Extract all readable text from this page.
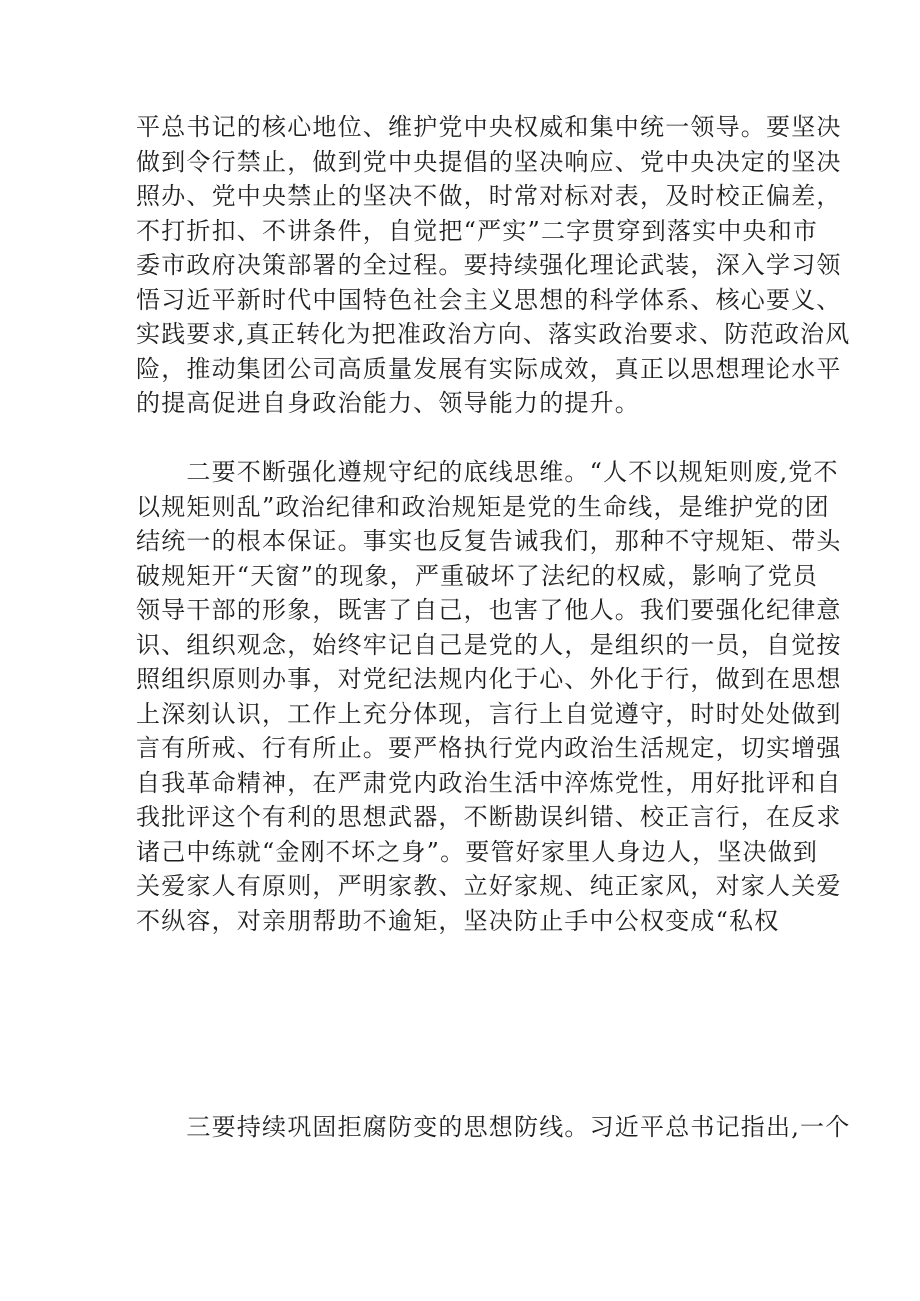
平总书记的核心地位、维护党中央权威和集中统一领导。要坚决
做到令行禁止，做到党中央提倡的坚决响应、党中央决定的坚决
照办、党中央禁止的坚决不做，时常对标对表，及时校正偏差，
不打折扣、不讲条件，自觉把“严实”二字贯穿到落实中央和市
委市政府决策部署的全过程。要持续强化理论武装，深入学习领
悟习近平新时代中国特色社会主义思想的科学体系、核心要义、
实践要求,真正转化为把准政治方向、落实政治要求、防范政治风
险，推动集团公司高质量发展有实际成效，真正以思想理论水平
的提高促进自身政治能力、领导能力的提升。

　　二要不断强化遵规守纪的底线思维。“人不以规矩则废,党不
以规矩则乱”政治纪律和政治规矩是党的生命线，是维护党的团
结统一的根本保证。事实也反复告诫我们，那种不守规矩、带头
破规矩开“天窗”的现象，严重破坏了法纪的权威，影响了党员
领导干部的形象，既害了自己，也害了他人。我们要强化纪律意
识、组织观念，始终牢记自己是党的人，是组织的一员，自觉按
照组织原则办事，对党纪法规内化于心、外化于行，做到在思想
上深刻认识，工作上充分体现，言行上自觉遵守，时时处处做到
言有所戒、行有所止。要严格执行党内政治生活规定，切实增强
自我革命精神，在严肃党内政治生活中淬炼党性，用好批评和自
我批评这个有利的思想武器，不断勘误纠错、校正言行，在反求
诸己中练就“金刚不坏之身”。要管好家里人身边人，坚决做到
关爱家人有原则，严明家教、立好家规、纯正家风，对家人关爱
不纵容，对亲朋帮助不逾矩，坚决防止手中公权变成“私权

　　三要持续巩固拒腐防变的思想防线。习近平总书记指出,一个
